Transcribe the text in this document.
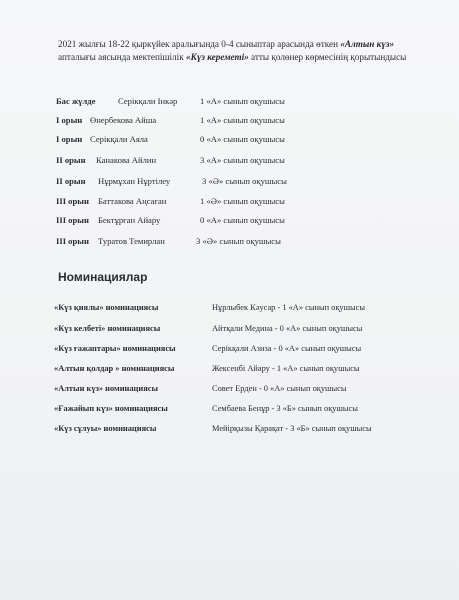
2021 жылғы 18-22 қыркүйек аралығында 0-4 сыныптар арасында өткен «Алтын күз»
апталығы аясында мектепішілік «Күз кереметі» атты қолөнер көрмесінің қорытындысы
Бас жүлде	Серікқали Інкәр	1 «А» сынып оқушысы
І орын Өнербекова Айша	1 «А» сынып оқушысы
І орын Серікқали Аяла	0 «А» сынып оқушысы
ІІ орын Канакова Айлин	3 «А» сынып оқушысы
ІІ орын Нұрмұхан Нұртілеу	3 «Ә» сынып оқушысы
ІІІ орын Баттакова Аңсаған	1 «Ә» сынып оқушысы
ІІІ орын Бектұрған Айару	0 «А» сынып оқушысы
ІІІ орын Туратов Темирлан	3 «Ә» сынып оқушысы
Номинациялар
«Күз қиялы» номинациясы	Нұрлыбек Кәусар - 1 «А» сынып оқушысы
«Күз келбеті» номинациясы	Айтқали Медина - 0 «А» сынып оқушысы
«Күз ғажаптары» номинациясы	Серікқали Азиза - 0 «А» сынып оқушысы
«Алтын қолдар » номинациясы	Жексенбі Айару - 1 «А» сынып оқушысы
«Алтын күз» номинациясы	Совет Ерден - 0 «А» сынып оқушысы
«Ғажайып күз» номинациясы	Сембаева Бенұр - 3 «Б» сынып оқушысы
«Күз сұлуы» номинациясы	Мейірқызы Қарақат - 3 «Б» сынып оқушысы
